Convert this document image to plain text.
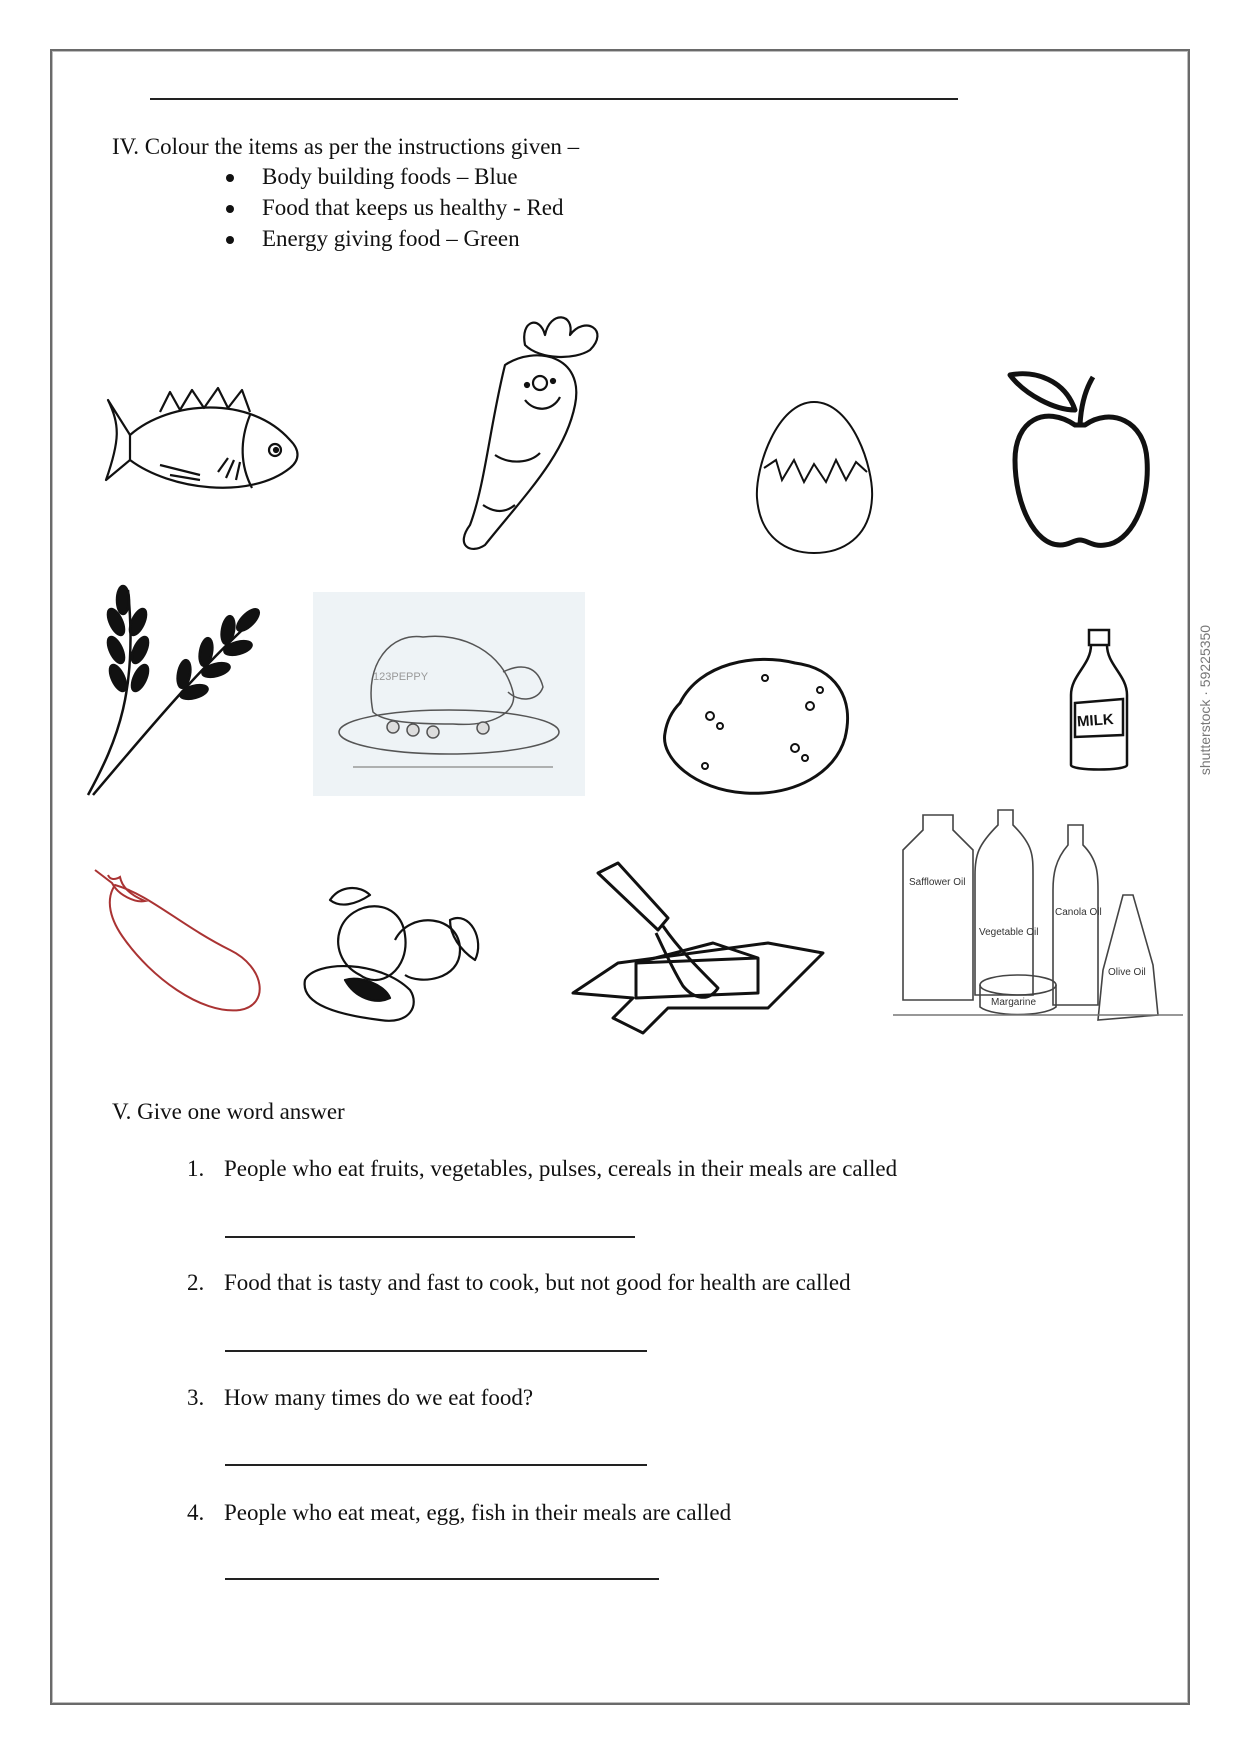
IV. Colour the items as per the instructions given –
Body building foods – Blue
Food that keeps us healthy - Red
Energy giving food – Green
123PEPPY
MILK
Safflower Oil
Vegetable Oil
Canola Oil
Olive Oil
Margarine
shutterstock · 59225350
V. Give one word answer
1. People who eat fruits, vegetables, pulses, cereals in their meals are called
2. Food that is tasty and fast to cook, but not good for health are called
3. How many times do we eat food?
4. People who eat meat, egg, fish in their meals are called
